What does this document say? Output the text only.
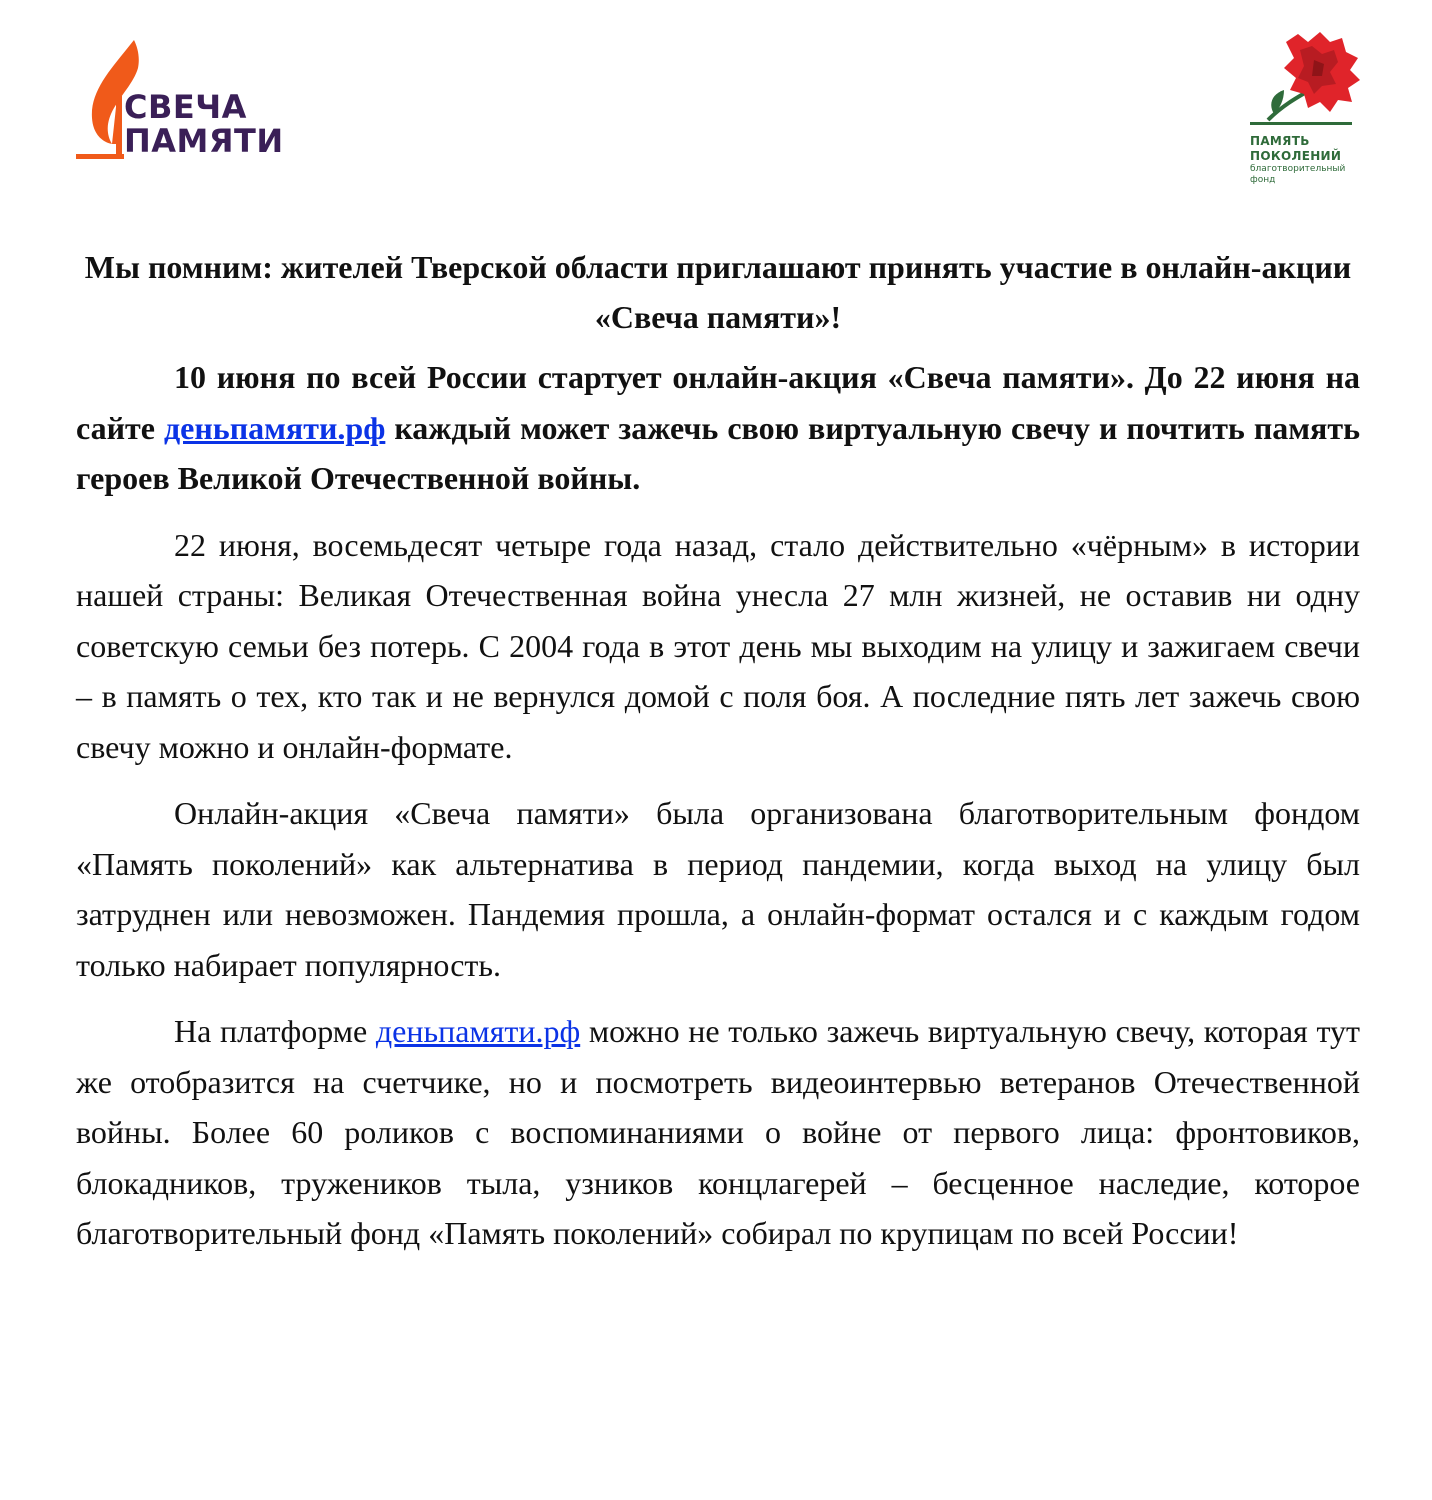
СВЕЧА
ПАМЯТИ	ПАМЯТЬ
ПОКОЛЕНИЙ
благотворительный
фонд
Мы помним: жителей Тверской области приглашают принять участие в онлайн-акции «Свеча памяти»!

10 июня по всей России стартует онлайн-акция «Свеча памяти». До 22 июня на сайте деньпамяти.рф каждый может зажечь свою виртуальную свечу и почтить память героев Великой Отечественной войны.

22 июня, восемьдесят четыре года назад, стало действительно «чёрным» в истории нашей страны: Великая Отечественная война унесла 27 млн жизней, не оставив ни одну советскую семьи без потерь. С 2004 года в этот день мы выходим на улицу и зажигаем свечи – в память о тех, кто так и не вернулся домой с поля боя. А последние пять лет зажечь свою свечу можно и онлайн-формате.

Онлайн-акция «Свеча памяти» была организована благотворительным фондом «Память поколений» как альтернатива в период пандемии, когда выход на улицу был затруднен или невозможен. Пандемия прошла, а онлайн-формат остался и с каждым годом только набирает популярность.

На платформе деньпамяти.рф можно не только зажечь виртуальную свечу, которая тут же отобразится на счетчике, но и посмотреть видеоинтервью ветеранов Отечественной войны. Более 60 роликов с воспоминаниями о войне от первого лица: фронтовиков, блокадников, тружеников тыла, узников концлагерей – бесценное наследие, которое благотворительный фонд «Память поколений» собирал по крупицам по всей России!
